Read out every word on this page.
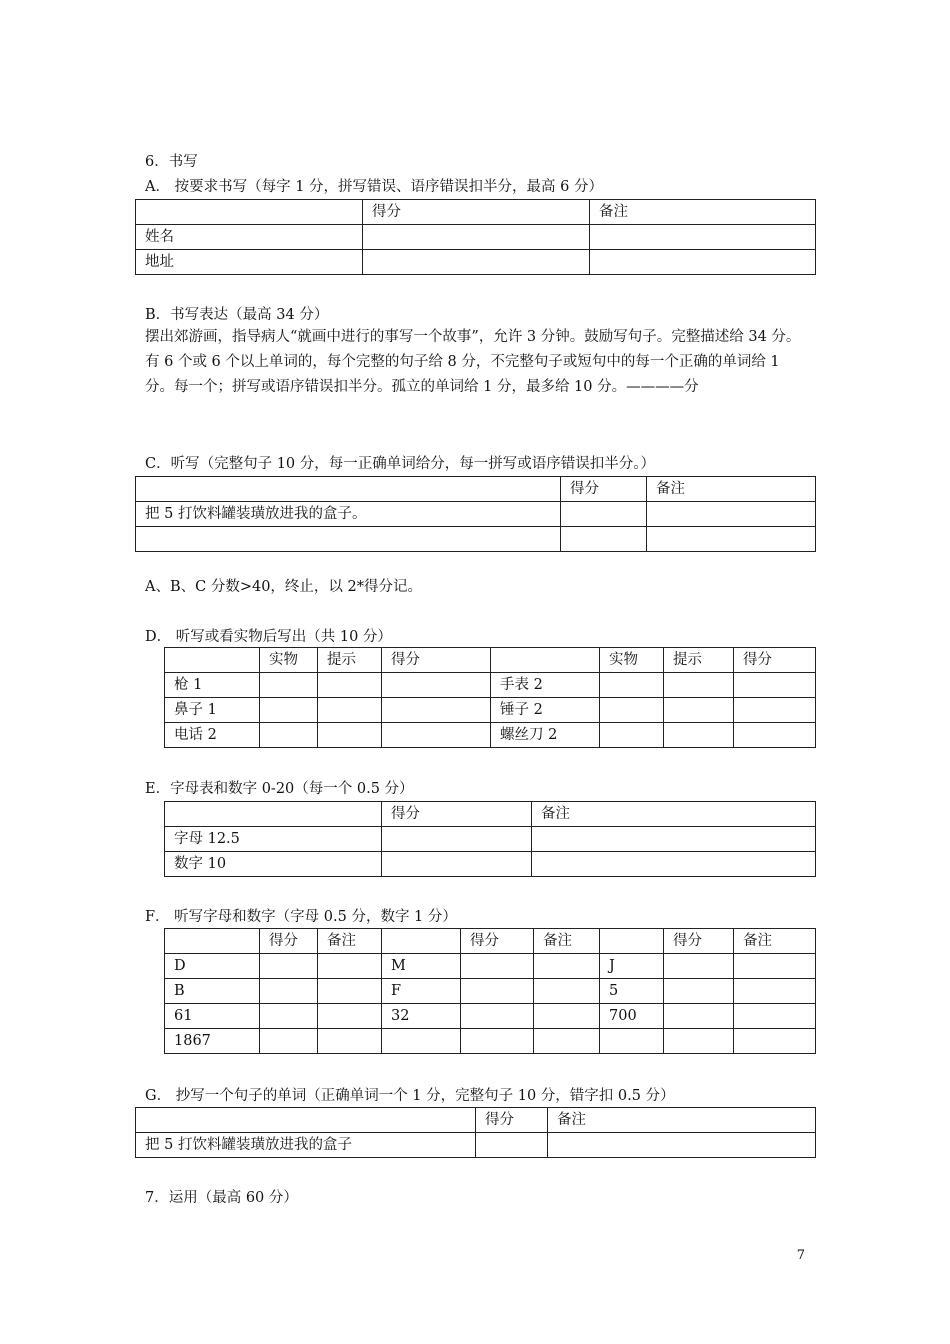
6．书写
A． 按要求书写（每字 1 分，拼写错误、语序错误扣半分，最高 6 分）
	得分	备注
姓名		
地址		
B．书写表达（最高 34 分）
摆出郊游画，指导病人“就画中进行的事写一个故事”，允许 3 分钟。鼓励写句子。完整描述给 34 分。有 6 个或 6 个以上单词的，每个完整的句子给 8 分，不完整句子或短句中的每一个正确的单词给 1 分。每一个；拼写或语序错误扣半分。孤立的单词给 1 分，最多给 10 分。————分
C．听写（完整句子 10 分，每一正确单词给分，每一拼写或语序错误扣半分。）
	得分	备注
把 5 打饮料罐装璜放进我的盒子。		

A、B、C 分数>40，终止，以 2*得分记。
D． 听写或看实物后写出（共 10 分）
	实物	提示	得分		实物	提示	得分
枪 1				手表 2			
鼻子 1				锤子 2			
电话 2				螺丝刀 2			
E．字母表和数字 0-20（每一个 0.5 分）
	得分	备注
字母 12.5		
数字 10		
F． 听写字母和数字（字母 0.5 分，数字 1 分）
	得分	备注		得分	备注		得分	备注
D			M			J		
B			F			5		
61			32			700		
1867								
G． 抄写一个句子的单词（正确单词一个 1 分，完整句子 10 分，错字扣 0.5 分）
	得分	备注
把 5 打饮料罐装璜放进我的盒子		
7．运用（最高 60 分）
7
